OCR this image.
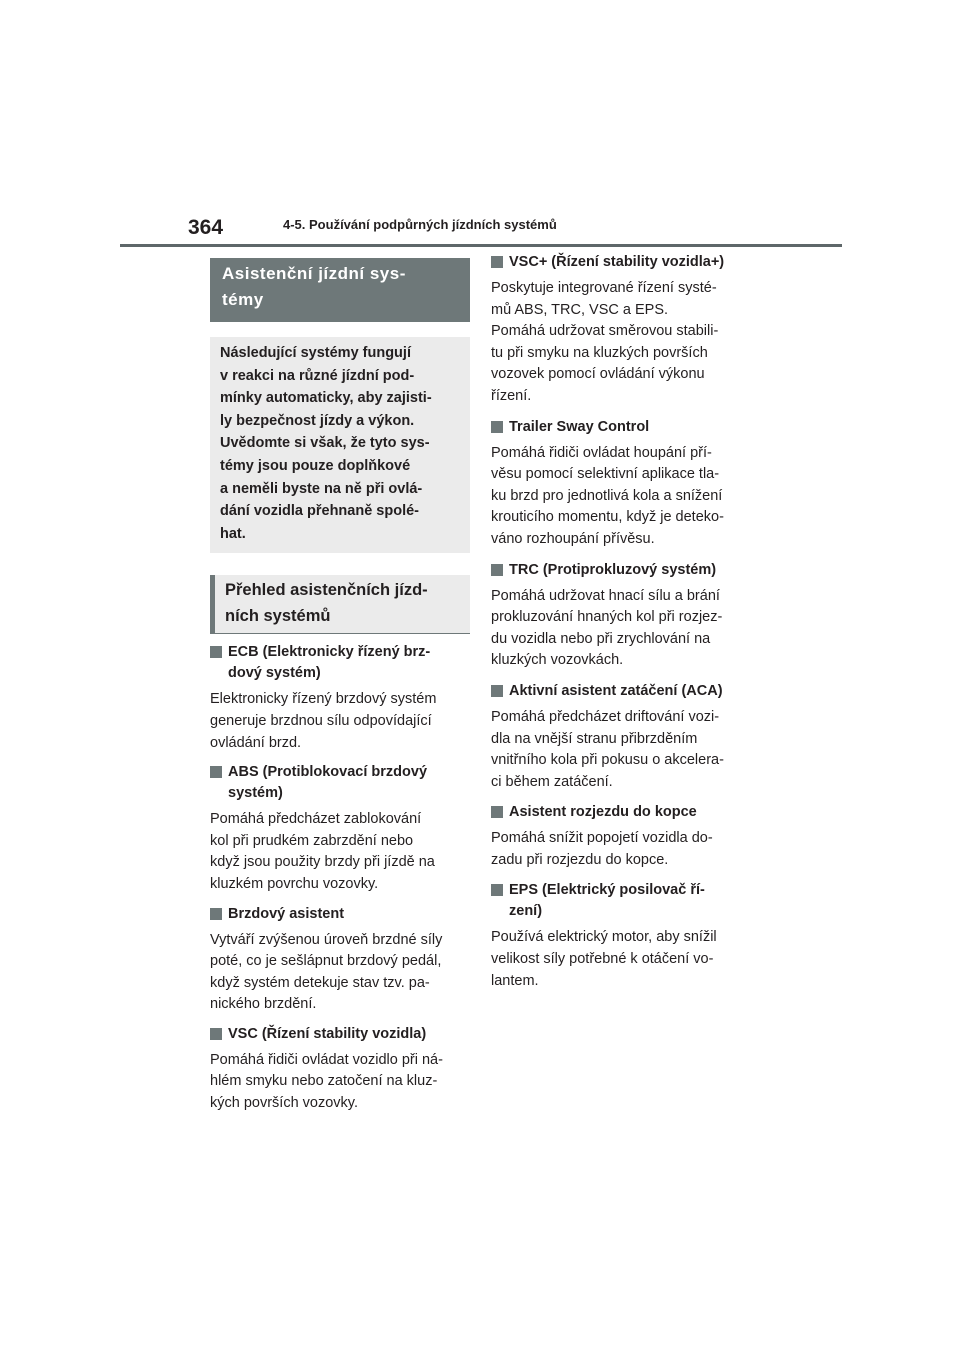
364	4-5. Používání podpůrných jízdních systémů
Asistenční jízdní sys-
témy
Následující systémy fungují
v reakci na různé jízdní pod-
mínky automaticky, aby zajisti-
ly bezpečnost jízdy a výkon.
Uvědomte si však, že tyto sys-
témy jsou pouze doplňkové
a neměli byste na ně při ovlá-
dání vozidla přehnaně spolé-
hat.
Přehled asistenčních jízd-
ních systémů
ECB (Elektronicky řízený brz-
dový systém)
Elektronicky řízený brzdový systém
generuje brzdnou sílu odpovídající
ovládání brzd.
ABS (Protiblokovací brzdový
systém)
Pomáhá předcházet zablokování
kol při prudkém zabrzdění nebo
když jsou použity brzdy při jízdě na
kluzkém povrchu vozovky.
Brzdový asistent
Vytváří zvýšenou úroveň brzdné síly
poté, co je sešlápnut brzdový pedál,
když systém detekuje stav tzv. pa-
nického brzdění.
VSC (Řízení stability vozidla)
Pomáhá řidiči ovládat vozidlo při ná-
hlém smyku nebo zatočení na kluz-
kých površích vozovky.
VSC+ (Řízení stability vozidla+)
Poskytuje integrované řízení systé-
mů ABS, TRC, VSC a EPS.
Pomáhá udržovat směrovou stabili-
tu při smyku na kluzkých površích
vozovek pomocí ovládání výkonu
řízení.
Trailer Sway Control
Pomáhá řidiči ovládat houpání pří-
věsu pomocí selektivní aplikace tla-
ku brzd pro jednotlivá kola a snížení
krouticího momentu, když je deteko-
váno rozhoupání přívěsu.
TRC (Protiprokluzový systém)
Pomáhá udržovat hnací sílu a brání
prokluzování hnaných kol při rozjez-
du vozidla nebo při zrychlování na
kluzkých vozovkách.
Aktivní asistent zatáčení (ACA)
Pomáhá předcházet driftování vozi-
dla na vnější stranu přibrzděním
vnitřního kola při pokusu o akcelera-
ci během zatáčení.
Asistent rozjezdu do kopce
Pomáhá snížit popojetí vozidla do-
zadu při rozjezdu do kopce.
EPS (Elektrický posilovač ří-
zení)
Používá elektrický motor, aby snížil
velikost síly potřebné k otáčení vo-
lantem.
